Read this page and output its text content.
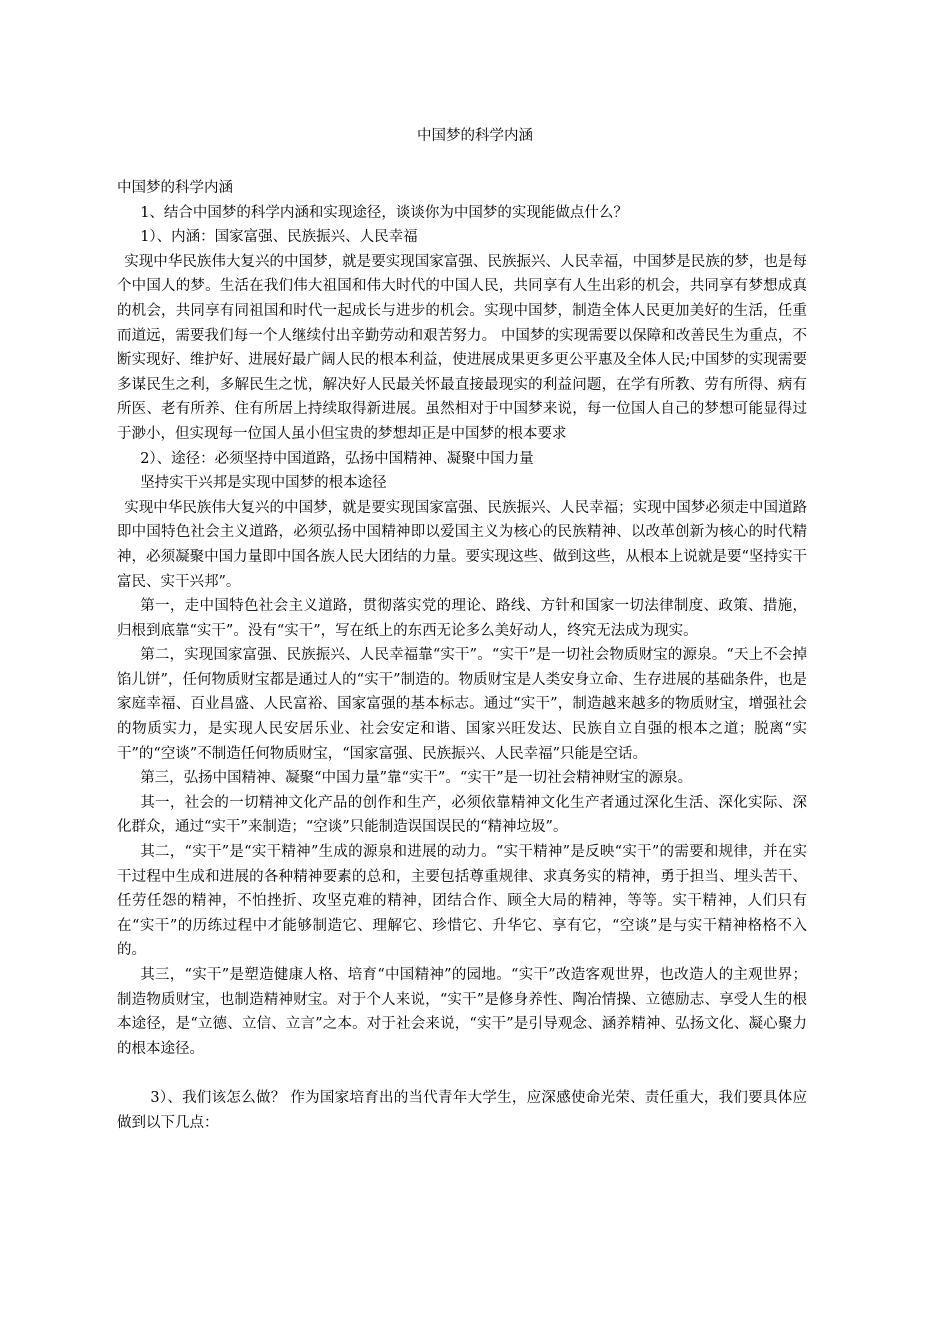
中国梦的科学内涵

中国梦的科学内涵

1、结合中国梦的科学内涵和实现途径，谈谈你为中国梦的实现能做点什么？

1）、内涵：国家富强、民族振兴、人民幸福

实现中华民族伟大复兴的中国梦，就是要实现国家富强、民族振兴、人民幸福，中国梦是民族的梦，也是每个中国人的梦。生活在我们伟大祖国和伟大时代的中国人民，共同享有人生出彩的机会，共同享有梦想成真的机会，共同享有同祖国和时代一起成长与进步的机会。实现中国梦，制造全体人民更加美好的生活，任重而道远，需要我们每一个人继续付出辛勤劳动和艰苦努力。 中国梦的实现需要以保障和改善民生为重点，不断实现好、维护好、进展好最广阔人民的根本利益，使进展成果更多更公平惠及全体人民;中国梦的实现需要多谋民生之利，多解民生之忧，解决好人民最关怀最直接最现实的利益问题，在学有所教、劳有所得、病有所医、老有所养、住有所居上持续取得新进展。虽然相对于中国梦来说，每一位国人自己的梦想可能显得过于渺小，但实现每一位国人虽小但宝贵的梦想却正是中国梦的根本要求

2）、途径：必须坚持中国道路，弘扬中国精神、凝聚中国力量

坚持实干兴邦是实现中国梦的根本途径

实现中华民族伟大复兴的中国梦，就是要实现国家富强、民族振兴、人民幸福；实现中国梦必须走中国道路即中国特色社会主义道路，必须弘扬中国精神即以爱国主义为核心的民族精神、以改革创新为核心的时代精神，必须凝聚中国力量即中国各族人民大团结的力量。要实现这些、做到这些，从根本上说就是要“坚持实干富民、实干兴邦”。

第一，走中国特色社会主义道路，贯彻落实党的理论、路线、方针和国家一切法律制度、政策、措施，归根到底靠“实干”。没有“实干”，写在纸上的东西无论多么美好动人，终究无法成为现实。

第二，实现国家富强、民族振兴、人民幸福靠“实干”。“实干”是一切社会物质财宝的源泉。“天上不会掉馅儿饼”，任何物质财宝都是通过人的“实干”制造的。物质财宝是人类安身立命、生存进展的基础条件，也是家庭幸福、百业昌盛、人民富裕、国家富强的基本标志。通过“实干”，制造越来越多的物质财宝，增强社会的物质实力，是实现人民安居乐业、社会安定和谐、国家兴旺发达、民族自立自强的根本之道；脱离“实干”的“空谈”不制造任何物质财宝，“国家富强、民族振兴、人民幸福”只能是空话。

第三，弘扬中国精神、凝聚“中国力量”靠“实干”。“实干”是一切社会精神财宝的源泉。

其一，社会的一切精神文化产品的创作和生产，必须依靠精神文化生产者通过深化生活、深化实际、深化群众，通过“实干”来制造；“空谈”只能制造误国误民的“精神垃圾”。

其二，“实干”是“实干精神”生成的源泉和进展的动力。“实干精神”是反映“实干”的需要和规律，并在实干过程中生成和进展的各种精神要素的总和，主要包括尊重规律、求真务实的精神，勇于担当、埋头苦干、任劳任怨的精神，不怕挫折、攻坚克难的精神，团结合作、顾全大局的精神，等等。实干精神，人们只有在“实干”的历练过程中才能够制造它、理解它、珍惜它、升华它、享有它，“空谈”是与实干精神格格不入的。

其三，“实干”是塑造健康人格、培育“中国精神”的园地。“实干”改造客观世界，也改造人的主观世界；制造物质财宝，也制造精神财宝。对于个人来说，“实干”是修身养性、陶冶情操、立德励志、享受人生的根本途径，是“立德、立信、立言”之本。对于社会来说，“实干”是引导观念、涵养精神、弘扬文化、凝心聚力的根本途径。

3）、我们该怎么做？ 作为国家培育出的当代青年大学生，应深感使命光荣、责任重大，我们要具体应做到以下几点：
